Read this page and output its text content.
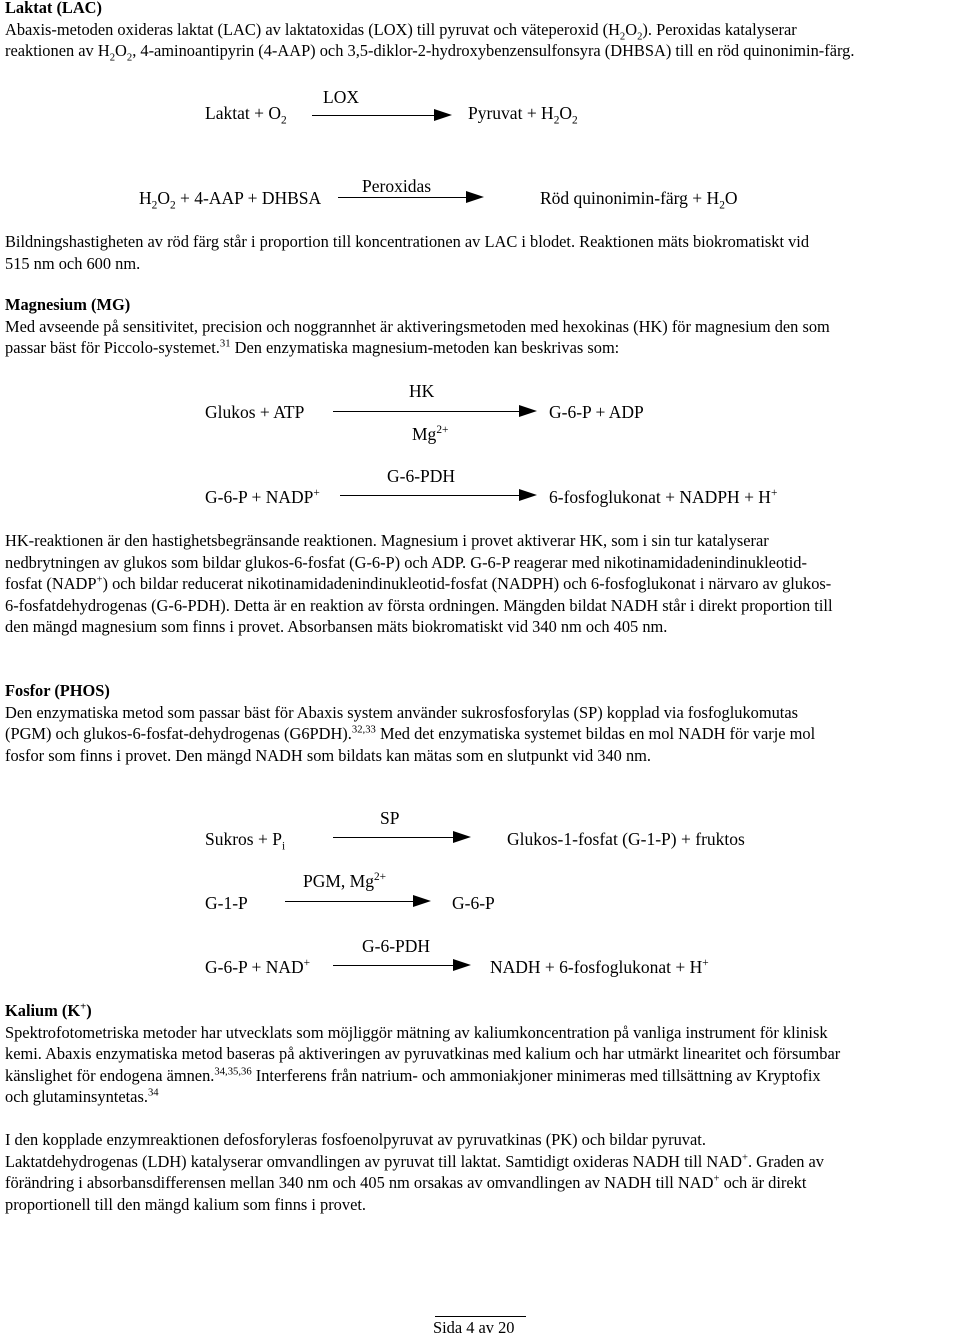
Laktat (LAC)
Abaxis-metoden oxideras laktat (LAC) av laktatoxidas (LOX) till pyruvat och väteperoxid $(H_2O_2)$. Peroxidas katalyserar
reaktionen av $H_2O_2$, 4-aminoantipyrin (4-AAP) och 3,5-diklor-2-hydroxybenzensulfonsyra (DHBSA) till en röd quinonimin-färg.
Laktat + $O_2$
LOX
Pyruvat + $H_2O_2$
$H_2O_2 + 4-AAP$ + DHBSA
Peroxidas
Röd quinonimin-färg + $H_2O$
Bildningshastigheten av röd färg står i proportion till koncentrationen av LAC i blodet. Reaktionen mäts biokromatiskt vid
515 nm och 600 nm.
Magnesium (MG)
Med avseende på sensitivitet, precision och noggrannhet är aktiveringsmetoden med hexokinas (HK) för magnesium den som
passar bäst för Piccolo-systemet.$^{31}$ Den enzymatiska magnesium-metoden kan beskrivas som:
Glukos + ATP
HK
$Mg^{2+}$
G-6-P + ADP
G-6-PDH
G-6-P + NADP+	6-fosfoglukonat + NADPH + H+
HK-reaktionen är den hastighetsbegränsande reaktionen. Magnesium i provet aktiverar HK, som i sin tur katalyserar
nedbrytningen av glukos som bildar glukos-6-fosfat (G-6-P) och ADP. G-6-P reagerar med nikotinamidadenindinukleotid-
fosfat (NADP+) och bildar reducerat nikotinamidadenindinukleotid-fosfat (NADPH) och 6-fosfoglukonat i närvaro av glukos-
6-fosfatdehydrogenas (G-6-PDH). Detta är en reaktion av första ordningen. Mängden bildat NADH står i direkt proportion till
den mängd magnesium som finns i provet. Absorbansen mäts biokromatiskt vid 340 nm och 405 nm.
Fosfor (PHOS)
Den enzymatiska metod som passar bäst för Abaxis system använder sukrosfosforylas (SP) kopplad via fosfoglukomutas
(PGM) och glukos-6-fosfat-dehydrogenas (G6PDH).$^{32,33}$ Med det enzymatiska systemet bildas en mol NADH för varje mol
fosfor som finns i provet. Den mängd NADH som bildats kan mätas som en slutpunkt vid 340 nm.
SP
Sukros + $P_i$	Glukos-1-fosfat (G-1-P) + fruktos
PGM, $Mg^{2+}$
G-1-P	G-6-P
G-6-PDH
G-6-P + NAD+	NADH + 6-fosfoglukonat + H+
Kalium (K+)
Spektrofotometriska metoder har utvecklats som möjliggör mätning av kaliumkoncentration på vanliga instrument för klinisk
kemi. Abaxis enzymatiska metod baseras på aktiveringen av pyruvatkinas med kalium och har utmärkt linearitet och försumbar
känslighet för endogena ämnen.$^{34,35,36}$ Interferens från natrium- och ammoniakjoner minimeras med tillsättning av Kryptofix
och glutaminsyntetas.$^{34}$
I den kopplade enzymreaktionen defosforyleras fosfoenolpyruvat av pyruvatkinas (PK) och bildar pyruvat.
Laktatdehydrogenas (LDH) katalyserar omvandlingen av pyruvat till laktat. Samtidigt oxideras NADH till NAD+. Graden av
förändring i absorbansdifferensen mellan 340 nm och 405 nm orsakas av omvandlingen av NADH till NAD+ och är direkt
proportionell till den mängd kalium som finns i provet.
Sida 4 av 20
